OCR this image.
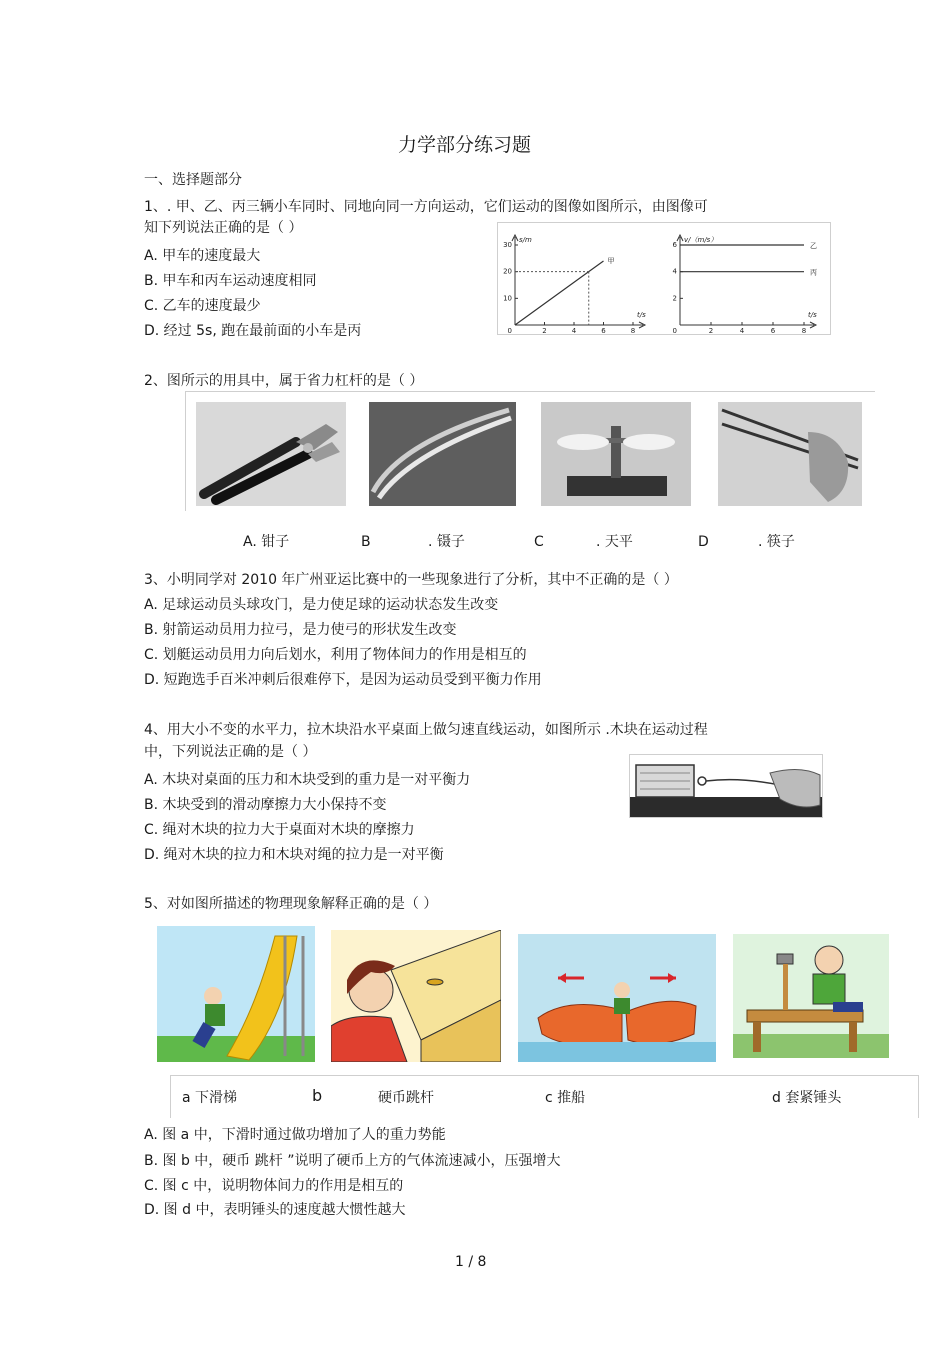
力学部分练习题
一、选择题部分
1、. 甲、乙、丙三辆小车同时、同地向同一方向运动，它们运动的图像如图所示，由图像可
知下列说法正确的是（ ）
A. 甲车的速度最大
B. 甲车和丙车运动速度相同
C. 乙车的速度最少
D. 经过 5s, 跑在最前面的小车是丙
s/m
t/s
30
20
10
0	2	4	6	8
甲
v/（m/s）
t/s
6
4
2
0	2	4	6	8
乙
丙
2、图所示的用具中，属于省力杠杆的是（ ）
A. 钳子	B	. 镊子	C	. 天平	D	. 筷子
3、小明同学对 2010 年广州亚运比赛中的一些现象进行了分析，其中不正确的是（ ）
A. 足球运动员头球攻门，是力使足球的运动状态发生改变
B. 射箭运动员用力拉弓，是力使弓的形状发生改变
C. 划艇运动员用力向后划水，利用了物体间力的作用是相互的
D. 短跑选手百米冲刺后很难停下，是因为运动员受到平衡力作用
4、用大小不变的水平力，拉木块沿水平桌面上做匀速直线运动，如图所示 .木块在运动过程
中，下列说法正确的是（ ）
A. 木块对桌面的压力和木块受到的重力是一对平衡力
B. 木块受到的滑动摩擦力大小保持不变
C. 绳对木块的拉力大于桌面对木块的摩擦力
D. 绳对木块的拉力和木块对绳的拉力是一对平衡
5、对如图所描述的物理现象解释正确的是（ ）
a 下滑梯	b	硬币跳杆	c 推船	d 套紧锤头
A. 图 a 中，下滑时通过做功增加了人的重力势能
B. 图 b 中，硬币 跳杆 ”说明了硬币上方的气体流速减小，压强增大
C. 图 c 中，说明物体间力的作用是相互的
D. 图 d 中，表明锤头的速度越大惯性越大
1 / 8
